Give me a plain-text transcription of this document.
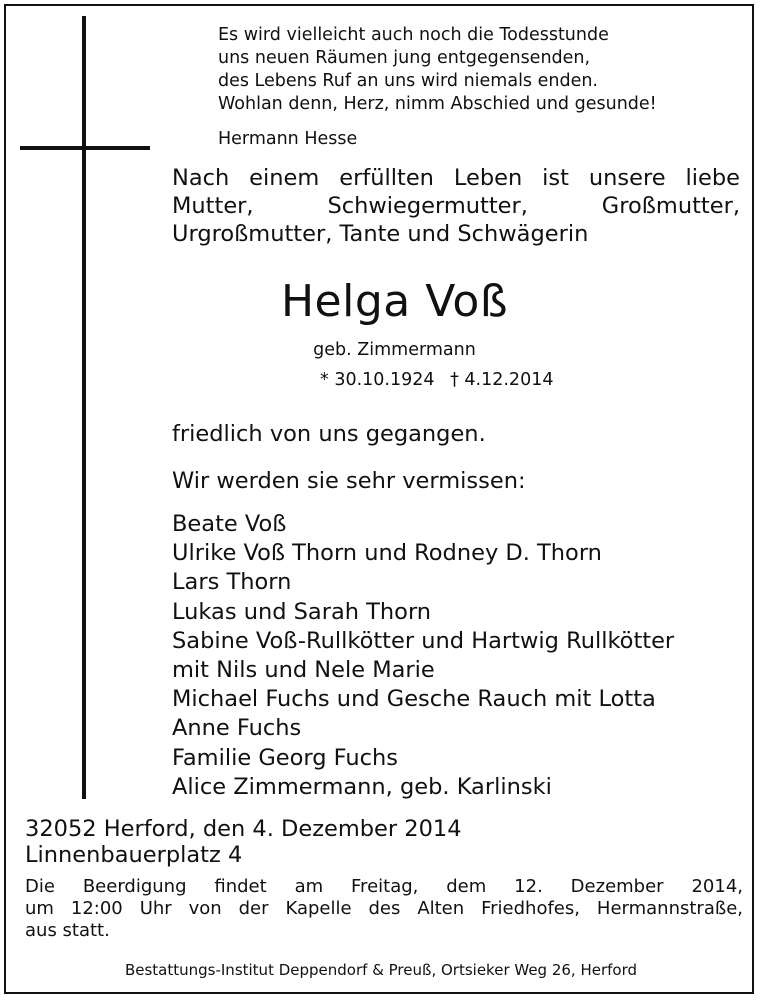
Es wird vielleicht auch noch die Todesstunde
uns neuen Räumen jung entgegensenden,
des Lebens Ruf an uns wird niemals enden.
Wohlan denn, Herz, nimm Abschied und gesunde!
Hermann Hesse
Nach einem erfüllten Leben ist unsere liebe
Mutter, Schwiegermutter, Großmutter,
Urgroßmutter, Tante und Schwägerin
Helga Voß
geb. Zimmermann
* 30.10.1924 † 4.12.2014
friedlich von uns gegangen.
Wir werden sie sehr vermissen:
Beate Voß
Ulrike Voß Thorn und Rodney D. Thorn
Lars Thorn
Lukas und Sarah Thorn
Sabine Voß-Rullkötter und Hartwig Rullkötter
mit Nils und Nele Marie
Michael Fuchs und Gesche Rauch mit Lotta
Anne Fuchs
Familie Georg Fuchs
Alice Zimmermann, geb. Karlinski
32052 Herford, den 4. Dezember 2014
Linnenbauerplatz 4
Die Beerdigung findet am Freitag, dem 12. Dezember 2014,
um 12:00 Uhr von der Kapelle des Alten Friedhofes, Hermannstraße,
aus statt.
Bestattungs-Institut Deppendorf & Preuß, Ortsieker Weg 26, Herford
